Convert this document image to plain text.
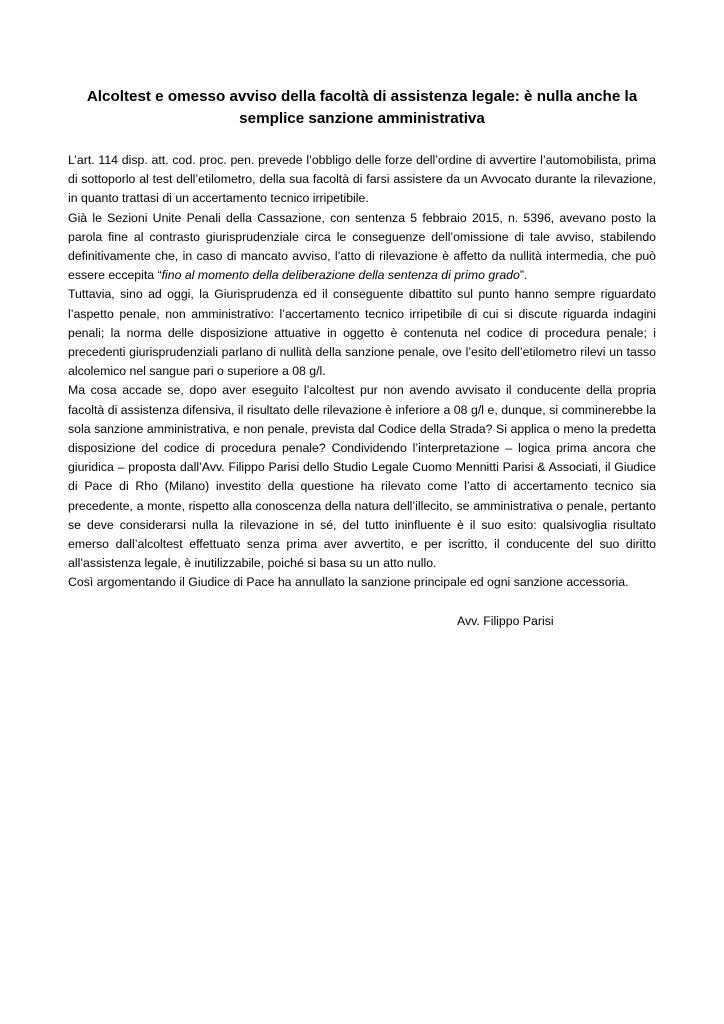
Alcoltest e omesso avviso della facoltà di assistenza legale: è nulla anche la
semplice sanzione amministrativa

L’art. 114 disp. att. cod. proc. pen. prevede l’obbligo delle forze dell’ordine di avvertire l’automobilista, prima di sottoporlo al test dell’etilometro, della sua facoltà di farsi assistere da un Avvocato durante la rilevazione, in quanto trattasi di un accertamento tecnico irripetibile.

Già le Sezioni Unite Penali della Cassazione, con sentenza 5 febbraio 2015, n. 5396, avevano posto la parola fine al contrasto giurisprudenziale circa le conseguenze dell’omissione di tale avviso, stabilendo definitivamente che, in caso di mancato avviso, l’atto di rilevazione è affetto da nullità intermedia, che può essere eccepita “fino al momento della deliberazione della sentenza di primo grado”.

Tuttavia, sino ad oggi, la Giurisprudenza ed il conseguente dibattito sul punto hanno sempre riguardato l’aspetto penale, non amministrativo: l’accertamento tecnico irripetibile di cui si discute riguarda indagini penali; la norma delle disposizione attuative in oggetto è contenuta nel codice di procedura penale; i precedenti giurisprudenziali parlano di nullità della sanzione penale, ove l’esito dell’etilometro rilevi un tasso alcolemico nel sangue pari o superiore a 08 g/l.

Ma cosa accade se, dopo aver eseguito l’alcoltest pur non avendo avvisato il conducente della propria facoltà di assistenza difensiva, il risultato delle rilevazione è inferiore a 08 g/l e, dunque, si comminerebbe la sola sanzione amministrativa, e non penale, prevista dal Codice della Strada? Si applica o meno la predetta disposizione del codice di procedura penale? Condividendo l’interpretazione – logica prima ancora che giuridica – proposta dall’Avv. Filippo Parisi dello Studio Legale Cuomo Mennitti Parisi & Associati, il Giudice di Pace di Rho (Milano) investito della questione ha rilevato come l’atto di accertamento tecnico sia precedente, a monte, rispetto alla conoscenza della natura dell’illecito, se amministrativa o penale, pertanto se deve considerarsi nulla la rilevazione in sé, del tutto ininfluente è il suo esito: qualsivoglia risultato emerso dall’alcoltest effettuato senza prima aver avvertito, e per iscritto, il conducente del suo diritto all’assistenza legale, è inutilizzabile, poiché si basa su un atto nullo.

Così argomentando il Giudice di Pace ha annullato la sanzione principale ed ogni sanzione accessoria.

Avv. Filippo Parisi
